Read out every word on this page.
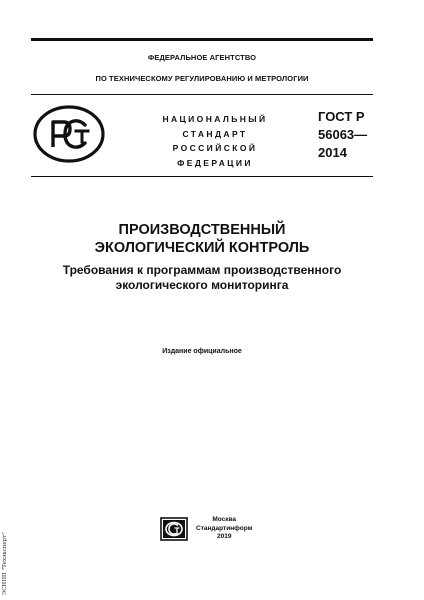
ФЕДЕРАЛЬНОЕ АГЕНТСТВО
ПО ТЕХНИЧЕСКОМУ РЕГУЛИРОВАНИЮ И МЕТРОЛОГИИ
НАЦИОНАЛЬНЫЙ
СТАНДАРТ
РОССИЙСКОЙ
ФЕДЕРАЦИИ
ГОСТ Р
56063—
2014
ПРОИЗВОДСТВЕННЫЙ
ЭКОЛОГИЧЕСКИЙ КОНТРОЛЬ
Требования к программам производственного
экологического мониторинга
Издание официальное
Москва
Стандартинформ
2019
ЭСНПП "Техэксперт"
